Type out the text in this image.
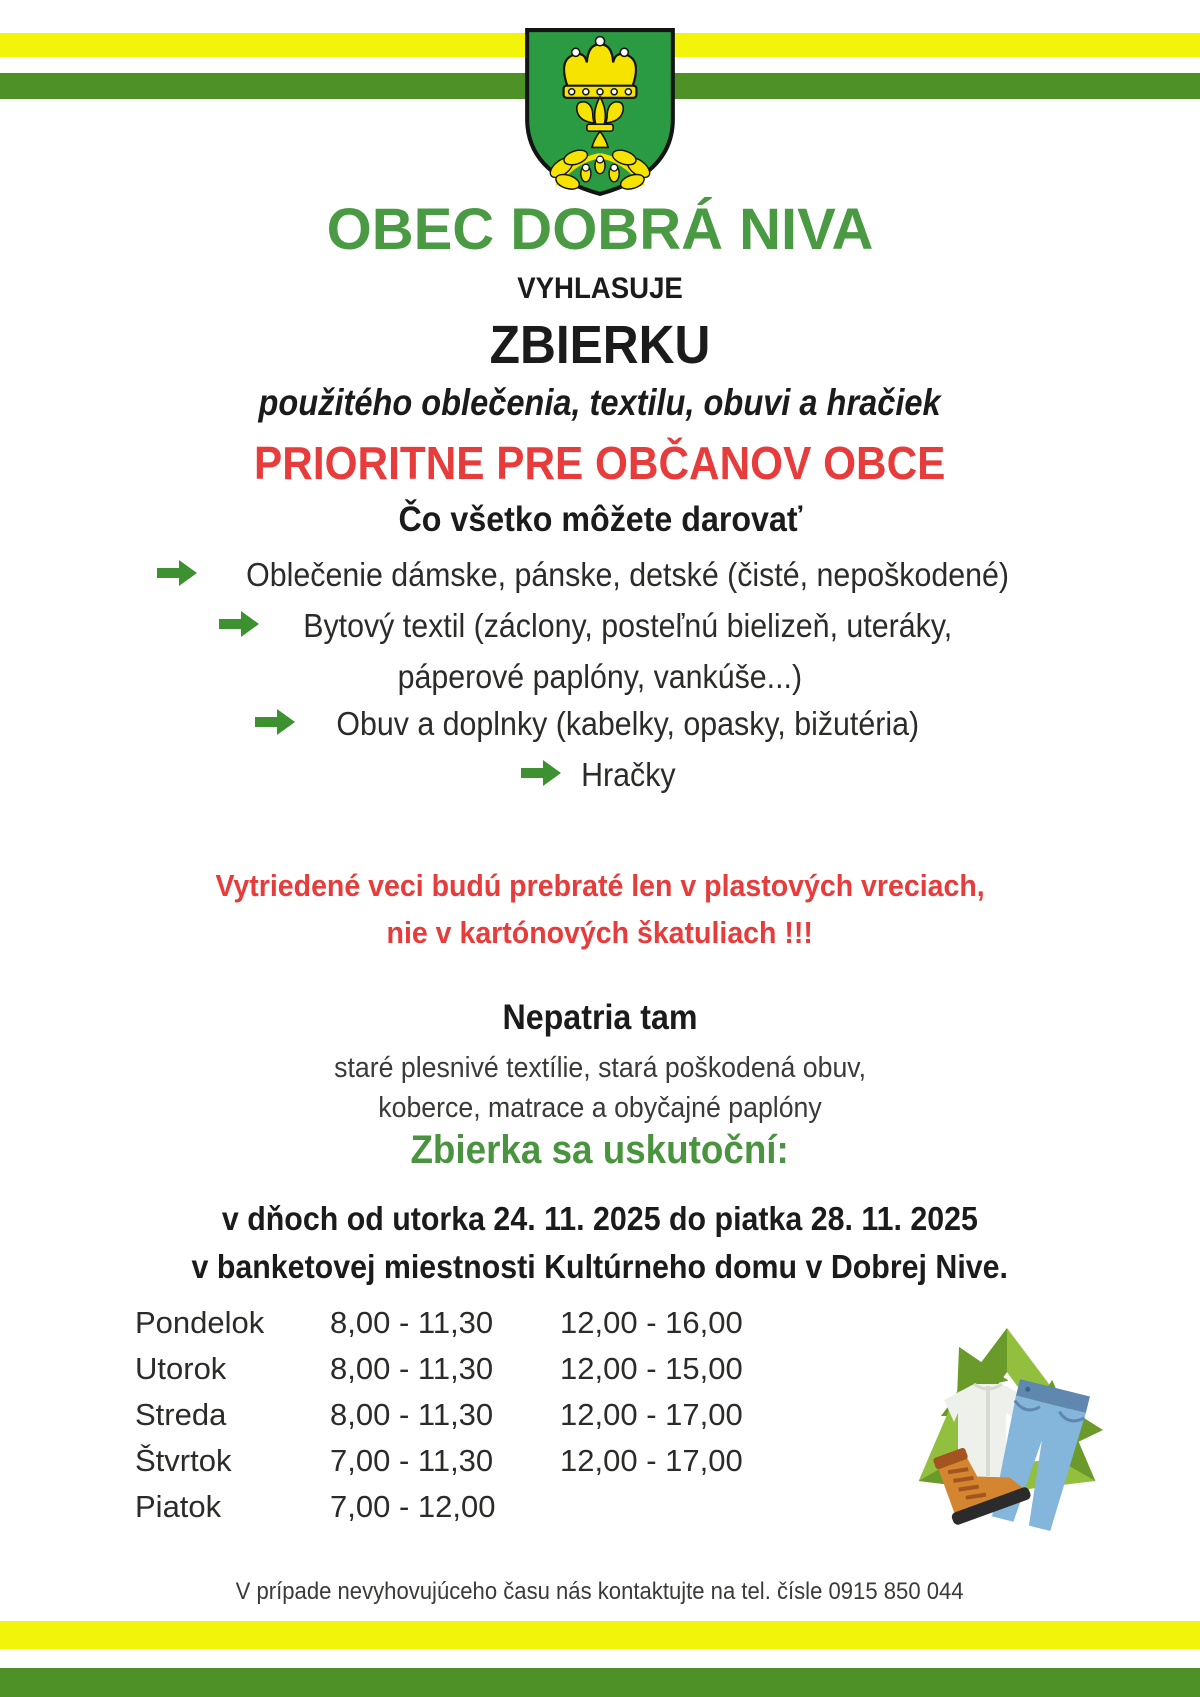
OBEC DOBRÁ NIVA
VYHLASUJE
ZBIERKU
použitého oblečenia, textilu, obuvi a hračiek
PRIORITNE PRE OBČANOV OBCE
Čo všetko môžete darovať
Oblečenie dámske, pánske, detské (čisté, nepoškodené)
Bytový textil (záclony, posteľnú bielizeň, uteráky,
páperové paplóny, vankúše...)
Obuv a doplnky (kabelky, opasky, bižutéria)
Hračky
Vytriedené veci budú prebraté len v plastových vreciach,
nie v kartónových škatuliach !!!
Nepatria tam
staré plesnivé textílie, stará poškodená obuv,
koberce, matrace a obyčajné paplóny
Zbierka sa uskutoční:
v dňoch od utorka 24. 11. 2025 do piatka 28. 11. 2025
v banketovej miestnosti Kultúrneho domu v Dobrej Nive.
Pondelok	8,00 - 11,30	12,00 - 16,00
Utorok	8,00 - 11,30	12,00 - 15,00
Streda	8,00 - 11,30	12,00 - 17,00
Štvrtok	7,00 - 11,30	12,00 - 17,00
Piatok	7,00 - 12,00
V prípade nevyhovujúceho času nás kontaktujte na tel. čísle 0915 850 044
